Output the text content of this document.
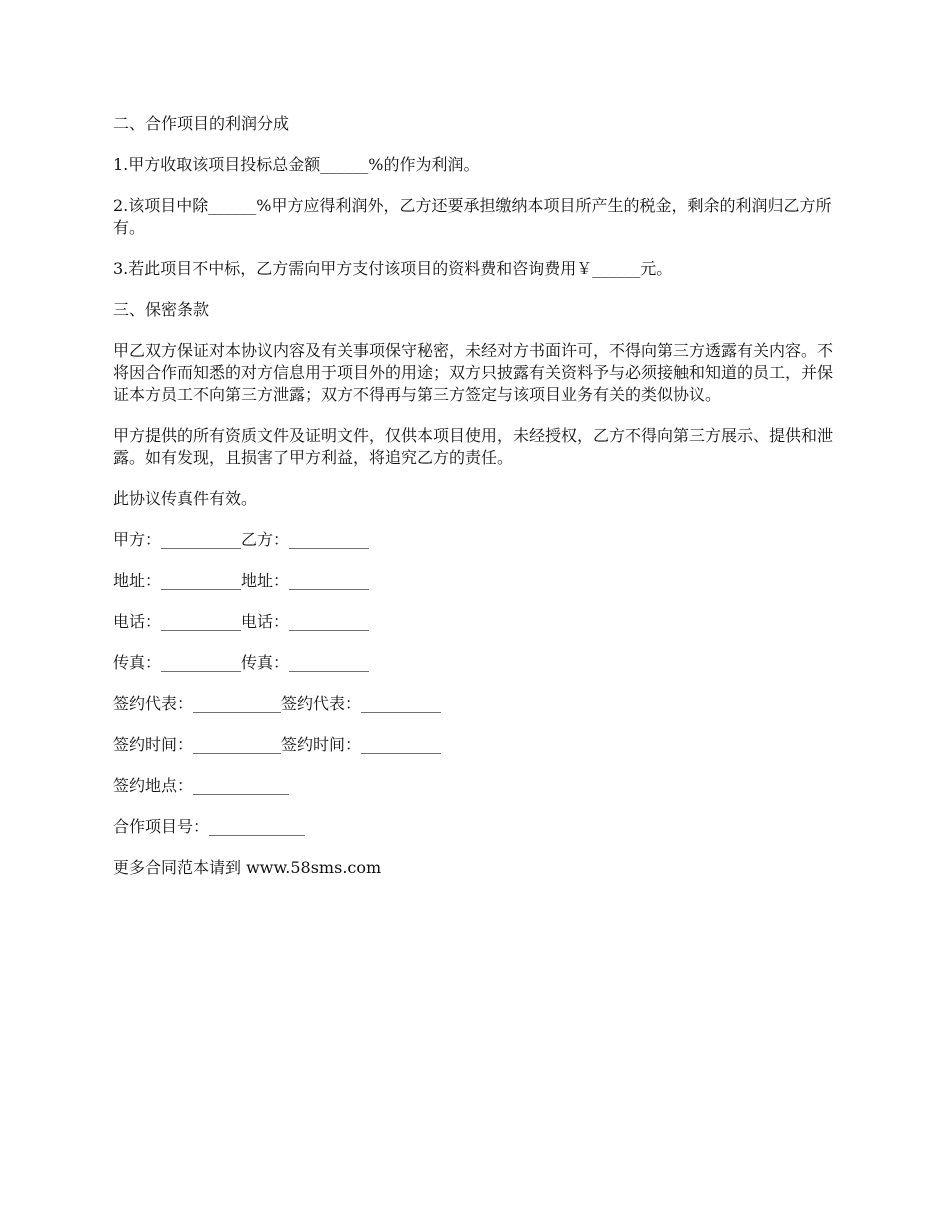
二、合作项目的利润分成

1.甲方收取该项目投标总金额______%的作为利润。

2.该项目中除______%甲方应得利润外，乙方还要承担缴纳本项目所产生的税金，剩余的利润归乙方所有。

3.若此项目不中标，乙方需向甲方支付该项目的资料费和咨询费用￥______元。

三、保密条款

甲乙双方保证对本协议内容及有关事项保守秘密，未经对方书面许可，不得向第三方透露有关内容。不将因合作而知悉的对方信息用于项目外的用途；双方只披露有关资料予与必须接触和知道的员工，并保证本方员工不向第三方泄露；双方不得再与第三方签定与该项目业务有关的类似协议。

甲方提供的所有资质文件及证明文件，仅供本项目使用，未经授权，乙方不得向第三方展示、提供和泄露。如有发现，且损害了甲方利益，将追究乙方的责任。

此协议传真件有效。

甲方：__________乙方：__________

地址：__________地址：__________

电话：__________电话：__________

传真：__________传真：__________

签约代表：___________签约代表：__________

签约时间：___________签约时间：__________

签约地点：____________

合作项目号：____________

更多合同范本请到 www.58sms.com
